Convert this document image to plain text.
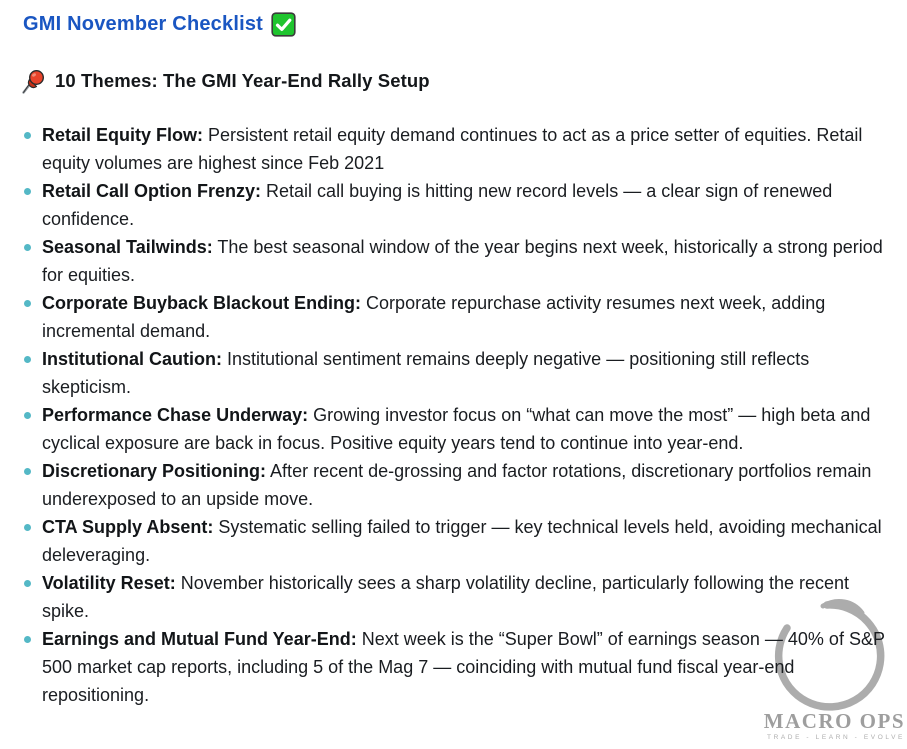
GMI November Checklist
10 Themes: The GMI Year-End Rally Setup
Retail Equity Flow: Persistent retail equity demand continues to act as a price setter of equities. Retail equity volumes are highest since Feb 2021
Retail Call Option Frenzy: Retail call buying is hitting new record levels — a clear sign of renewed confidence.
Seasonal Tailwinds: The best seasonal window of the year begins next week, historically a strong period for equities.
Corporate Buyback Blackout Ending: Corporate repurchase activity resumes next week, adding incremental demand.
Institutional Caution: Institutional sentiment remains deeply negative — positioning still reflects skepticism.
Performance Chase Underway: Growing investor focus on “what can move the most” — high beta and cyclical exposure are back in focus. Positive equity years tend to continue into year-end.
Discretionary Positioning: After recent de-grossing and factor rotations, discretionary portfolios remain underexposed to an upside move.
CTA Supply Absent: Systematic selling failed to trigger — key technical levels held, avoiding mechanical deleveraging.
Volatility Reset: November historically sees a sharp volatility decline, particularly following the recent spike.
Earnings and Mutual Fund Year-End: Next week is the “Super Bowl” of earnings season — 40% of S&P 500 market cap reports, including 5 of the Mag 7 — coinciding with mutual fund fiscal year-end repositioning.
MACRO OPS
TRADE - LEARN - EVOLVE
